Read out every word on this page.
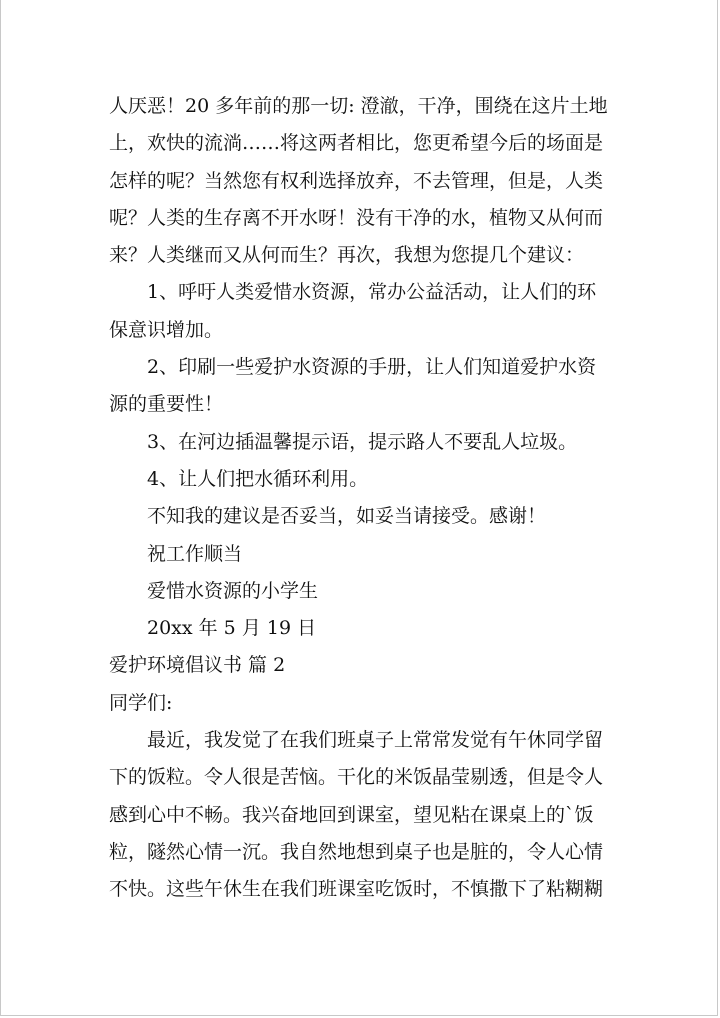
人厌恶！20 多年前的那一切: 澄澈，干净，围绕在这片土地
上，欢快的流淌……将这两者相比，您更希望今后的场面是
怎样的呢？当然您有权利选择放弃，不去管理，但是，人类
呢？人类的生存离不开水呀！没有干净的水，植物又从何而
来？人类继而又从何而生？再次，我想为您提几个建议：
1、呼吁人类爱惜水资源，常办公益活动，让人们的环
保意识增加。
2、印刷一些爱护水资源的手册，让人们知道爱护水资
源的重要性！
3、在河边插温馨提示语，提示路人不要乱人垃圾。
4、让人们把水循环利用。
不知我的建议是否妥当，如妥当请接受。感谢！
祝工作顺当
爱惜水资源的小学生
20xx 年 5 月 19 日
爱护环境倡议书 篇 2
同学们:
最近，我发觉了在我们班桌子上常常发觉有午休同学留
下的饭粒。令人很是苦恼。干化的米饭晶莹剔透，但是令人
感到心中不畅。我兴奋地回到课室，望见粘在课桌上的`饭
粒，隧然心情一沉。我自然地想到桌子也是脏的，令人心情
不快。这些午休生在我们班课室吃饭时，不慎撒下了粘糊糊
